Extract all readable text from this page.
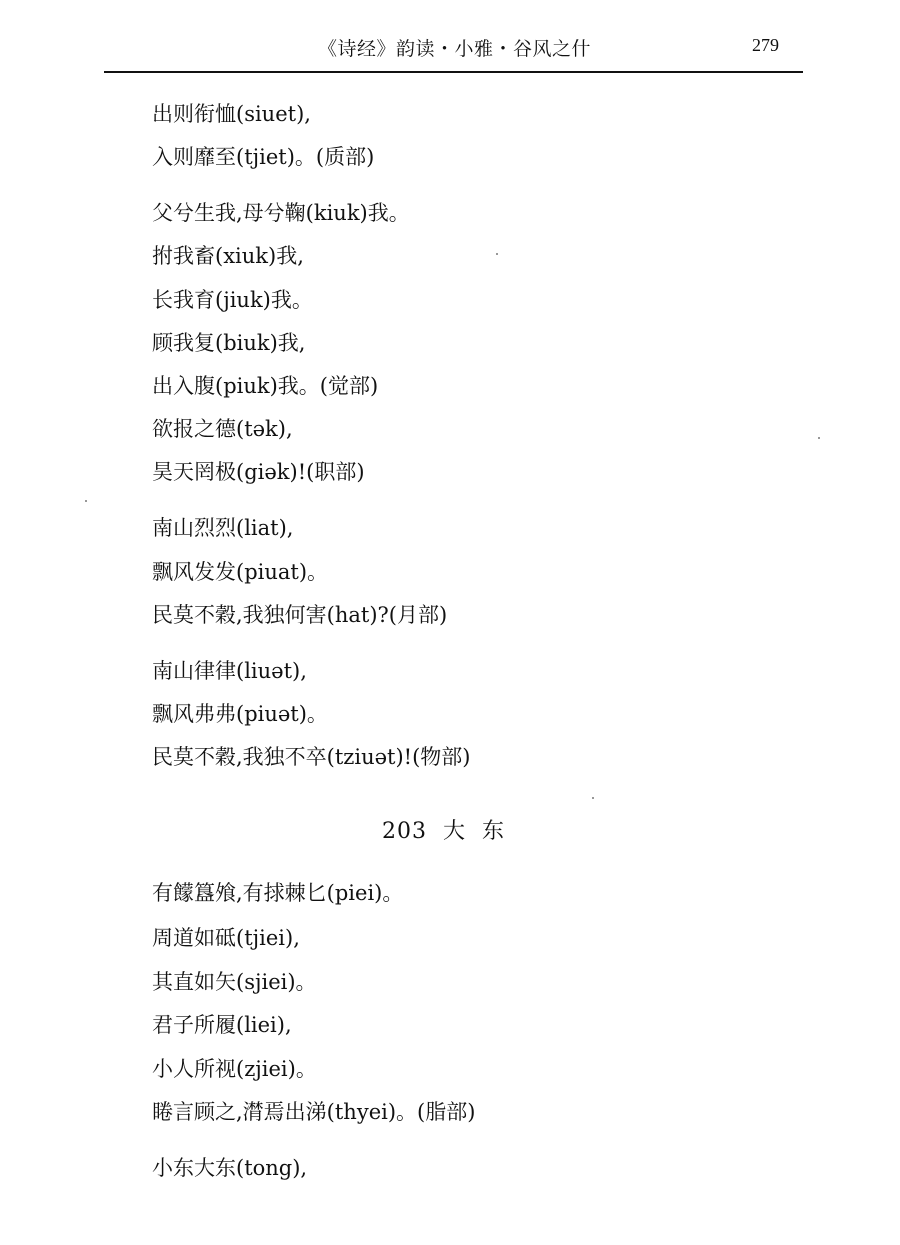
《诗经》韵读・小雅・谷风之什	279
出则衔恤(siuet),
入则靡至(tjiet)。(质部)
父兮生我,母兮鞠(kiuk)我。
拊我畜(xiuk)我,
长我育(jiuk)我。
顾我复(biuk)我,
出入腹(piuk)我。(觉部)
欲报之德(tək),
昊天罔极(giək)!(职部)
南山烈烈(liat),
飘风发发(piuat)。
民莫不穀,我独何害(hat)?(月部)
南山律律(liuət),
飘风弗弗(piuət)。
民莫不穀,我独不卒(tziuət)!(物部)
203  大  东
有饛簋飧,有捄棘匕(piei)。
周道如砥(tjiei),
其直如矢(sjiei)。
君子所履(liei),
小人所视(zjiei)。
睠言顾之,潸焉出涕(thyei)。(脂部)
小东大东(tong),
